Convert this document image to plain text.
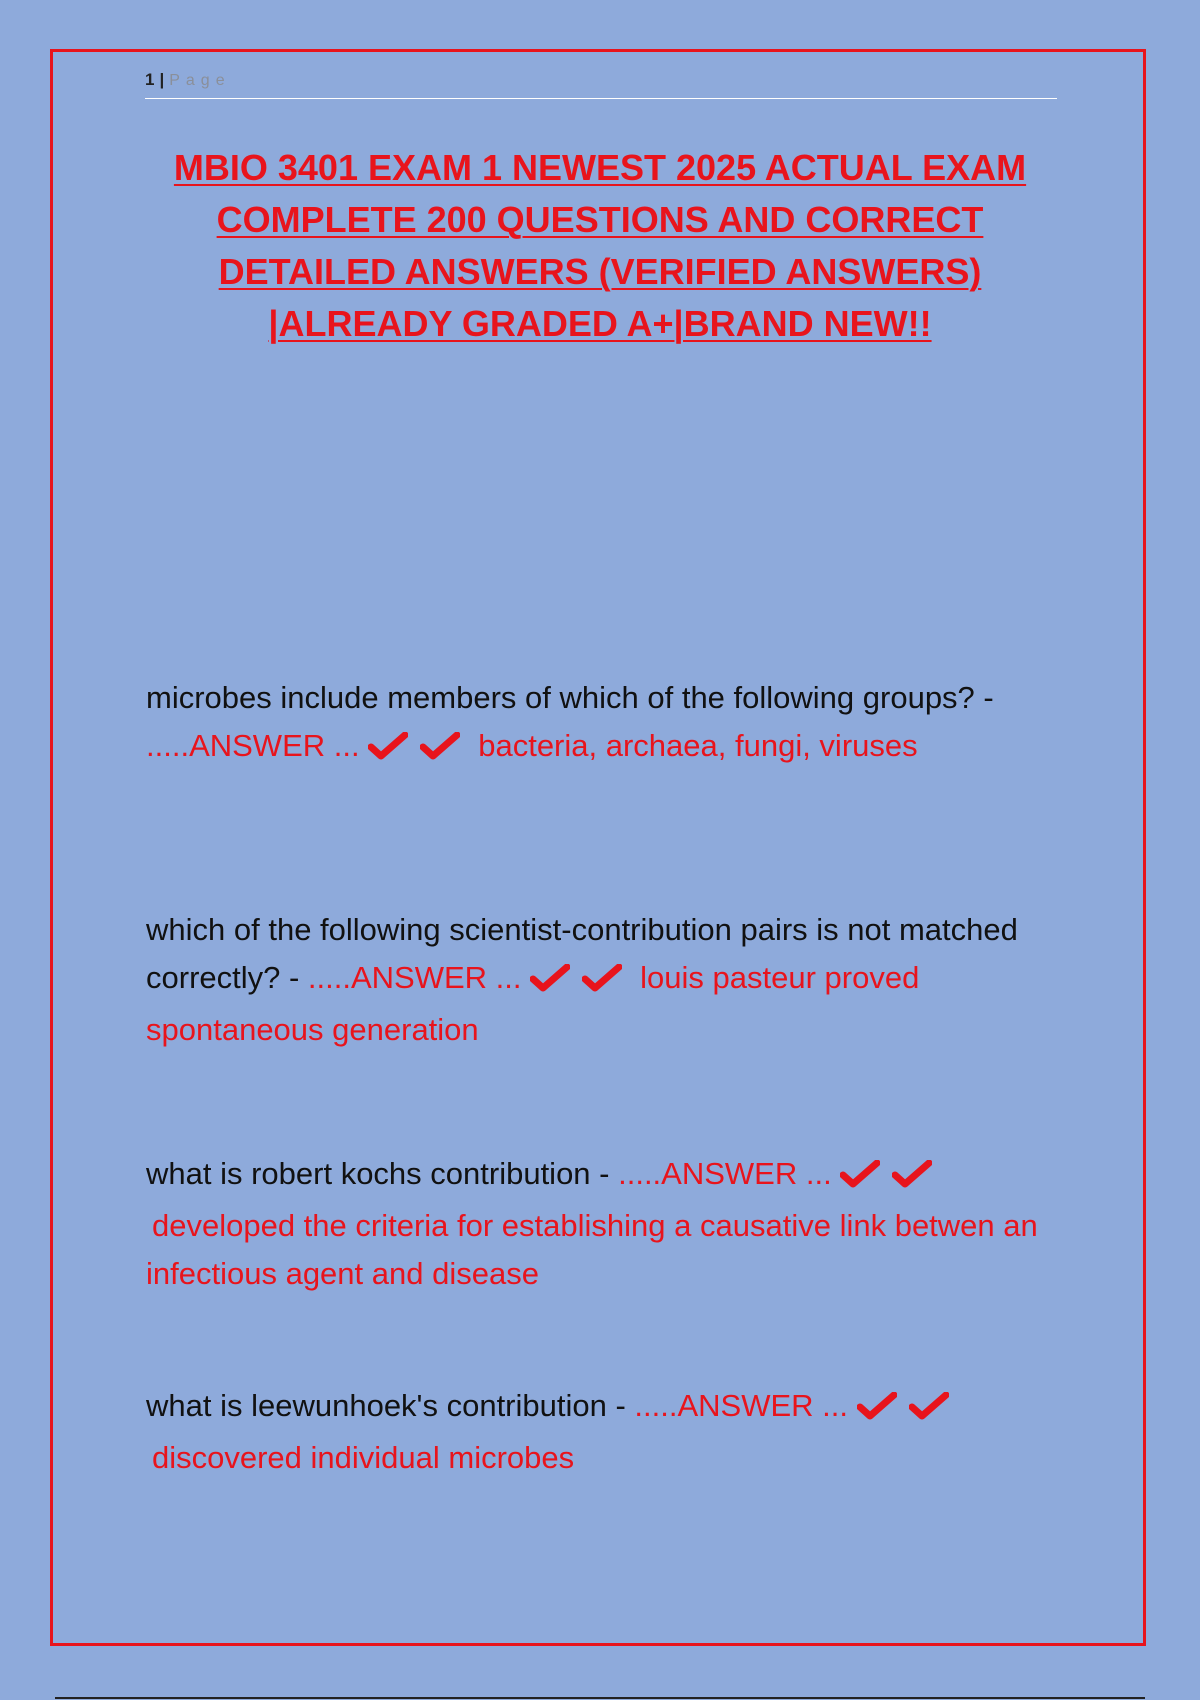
1 | Page
MBIO 3401 EXAM 1 NEWEST 2025 ACTUAL EXAM COMPLETE 200 QUESTIONS AND CORRECT DETAILED ANSWERS (VERIFIED ANSWERS) |ALREADY GRADED A+|BRAND NEW!!
microbes include members of which of the following groups? - .....ANSWER ...	bacteria, archaea, fungi, viruses
which of the following scientist-contribution pairs is not matched correctly? - .....ANSWER ...	louis pasteur proved spontaneous generation
what is robert kochs contribution - .....ANSWER ... developed the criteria for establishing a causative link betwen an infectious agent and disease
what is leewunhoek's contribution - .....ANSWER ... discovered individual microbes
